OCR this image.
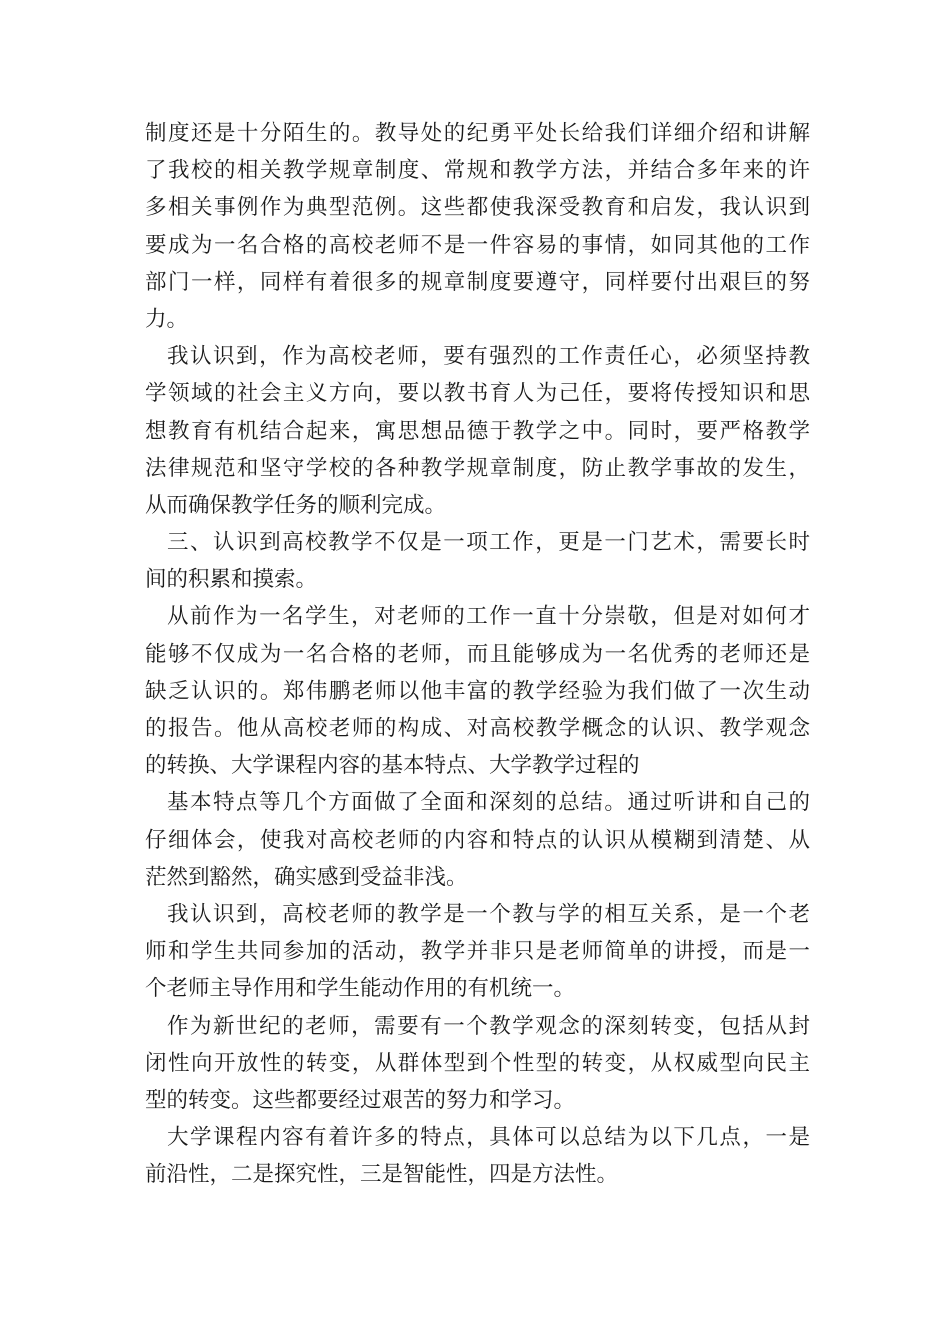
制度还是十分陌生的。教导处的纪勇平处长给我们详细介绍和讲解
了我校的相关教学规章制度、常规和教学方法，并结合多年来的许
多相关事例作为典型范例。这些都使我深受教育和启发，我认识到
要成为一名合格的高校老师不是一件容易的事情，如同其他的工作
部门一样，同样有着很多的规章制度要遵守，同样要付出艰巨的努
力。
我认识到，作为高校老师，要有强烈的工作责任心，必须坚持教
学领域的社会主义方向，要以教书育人为己任，要将传授知识和思
想教育有机结合起来，寓思想品德于教学之中。同时，要严格教学
法律规范和坚守学校的各种教学规章制度，防止教学事故的发生，
从而确保教学任务的顺利完成。
三、认识到高校教学不仅是一项工作，更是一门艺术，需要长时
间的积累和摸索。
从前作为一名学生，对老师的工作一直十分崇敬，但是对如何才
能够不仅成为一名合格的老师，而且能够成为一名优秀的老师还是
缺乏认识的。郑伟鹏老师以他丰富的教学经验为我们做了一次生动
的报告。他从高校老师的构成、对高校教学概念的认识、教学观念
的转换、大学课程内容的基本特点、大学教学过程的
基本特点等几个方面做了全面和深刻的总结。通过听讲和自己的
仔细体会，使我对高校老师的内容和特点的认识从模糊到清楚、从
茫然到豁然，确实感到受益非浅。
我认识到，高校老师的教学是一个教与学的相互关系，是一个老
师和学生共同参加的活动，教学并非只是老师简单的讲授，而是一
个老师主导作用和学生能动作用的有机统一。
作为新世纪的老师，需要有一个教学观念的深刻转变，包括从封
闭性向开放性的转变，从群体型到个性型的转变，从权威型向民主
型的转变。这些都要经过艰苦的努力和学习。
大学课程内容有着许多的特点，具体可以总结为以下几点，一是
前沿性，二是探究性，三是智能性，四是方法性。
